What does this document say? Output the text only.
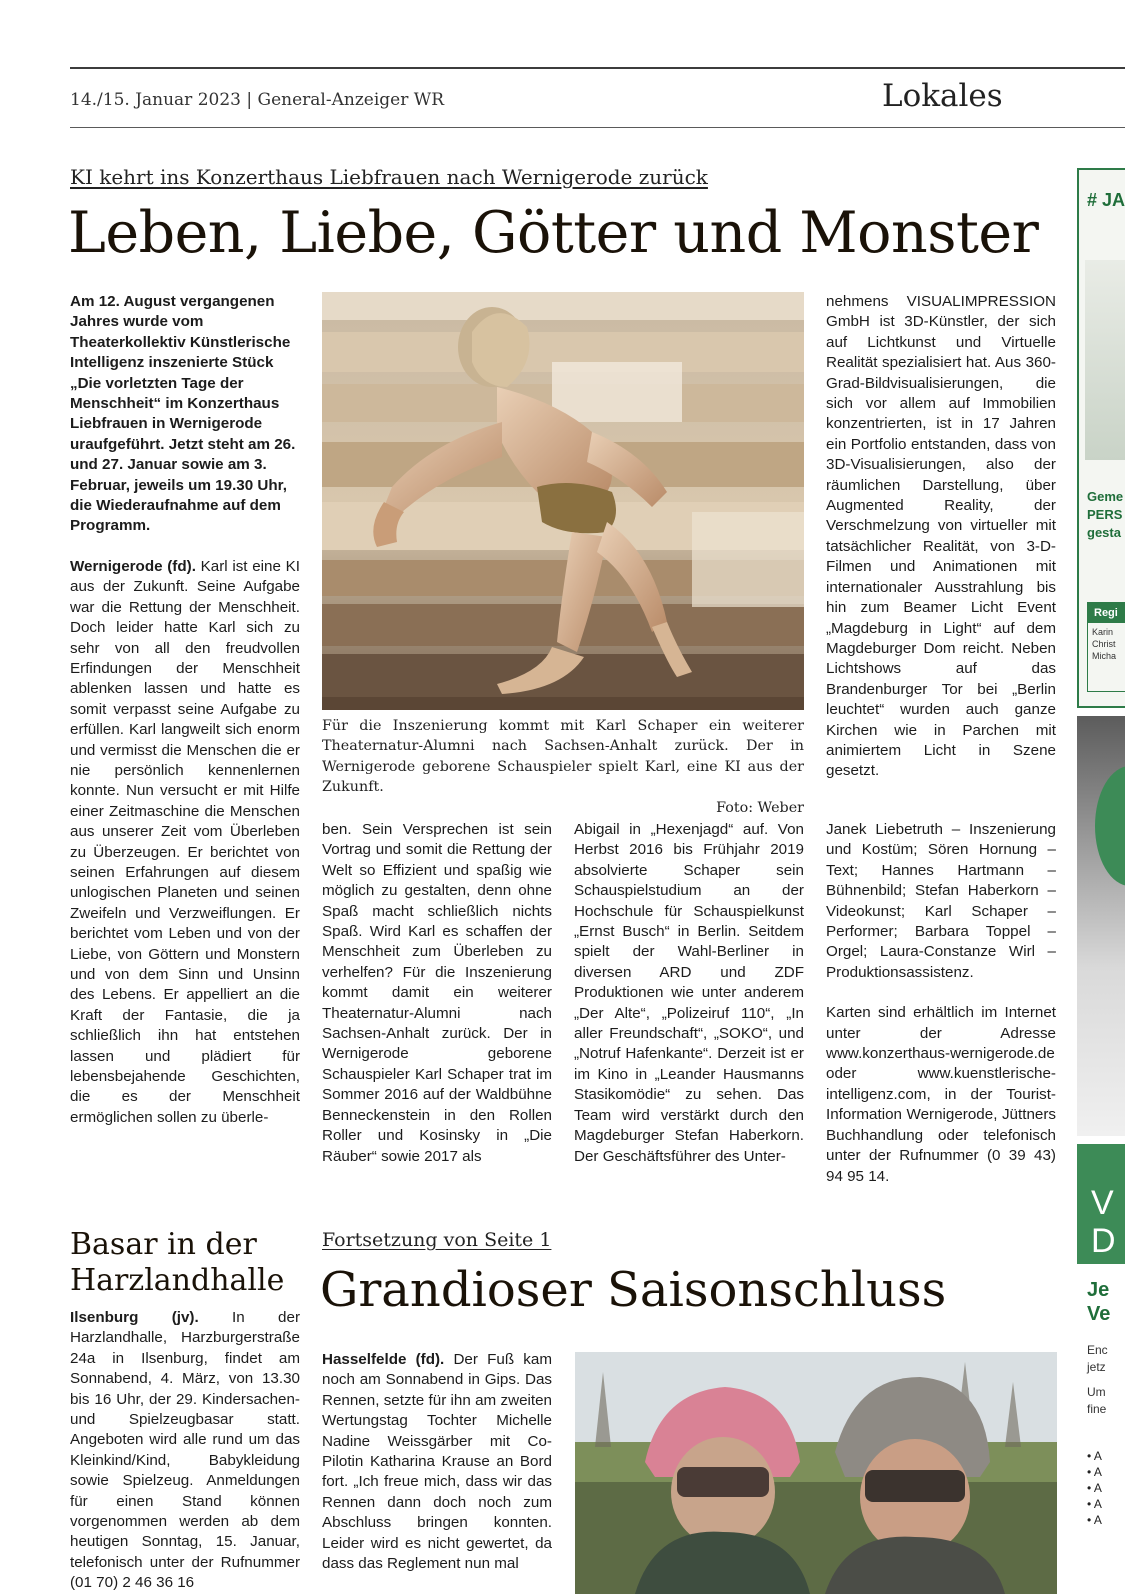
14./15. Januar 2023 | General-Anzeiger WR	Lokales
KI kehrt ins Konzerthaus Liebfrauen nach Wernigerode zurück
Leben, Liebe, Götter und Monster

Am 12. August vergangenen Jahres wurde vom Theaterkollektiv Künstlerische Intelligenz inszenierte Stück „Die vorletzten Tage der Menschheit“ im Konzerthaus Liebfrauen in Wernigerode uraufgeführt. Jetzt steht am 26. und 27. Januar sowie am 3. Februar, jeweils um 19.30 Uhr, die Wiederaufnahme auf dem Programm.

Wernigerode (fd). Karl ist eine KI aus der Zukunft. Seine Aufgabe war die Rettung der Menschheit. Doch leider hatte Karl sich zu sehr von all den freudvollen Erfindungen der Menschheit ablenken lassen und hatte es somit verpasst seine Aufgabe zu erfüllen. Karl langweilt sich enorm und vermisst die Menschen die er nie persönlich kennenlernen konnte. Nun versucht er mit Hilfe einer Zeitmaschine die Menschen aus unserer Zeit vom Überleben zu Überzeugen. Er berichtet von seinen Erfahrungen auf diesem unlogischen Planeten und seinen Zweifeln und Verzweiflungen. Er berichtet vom Leben und von der Liebe, von Göttern und Monstern und von dem Sinn und Unsinn des Lebens. Er appelliert an die Kraft der Fantasie, die ja schließlich ihn hat entstehen lassen und plädiert für lebensbejahende Geschichten, die es der Menschheit ermöglichen sollen zu überle-

Für die Inszenierung kommt mit Karl Schaper ein weiterer Theaternatur-Alumni nach Sachsen-Anhalt zurück. Der in Wernigerode geborene Schauspieler spielt Karl, eine KI aus der Zukunft.
Foto: Weber

ben. Sein Versprechen ist sein Vortrag und somit die Rettung der Welt so Effizient und spaßig wie möglich zu gestalten, denn ohne Spaß macht schließlich nichts Spaß. Wird Karl es schaffen der Menschheit zum Überleben zu verhelfen? Für die Inszenierung kommt damit ein weiterer Theaternatur-Alumni nach Sachsen-Anhalt zurück. Der in Wernigerode geborene Schauspieler Karl Schaper trat im Sommer 2016 auf der Waldbühne Benneckenstein in den Rollen Roller und Kosinsky in „Die Räuber“ sowie 2017 als

Abigail in „Hexenjagd“ auf. Von Herbst 2016 bis Frühjahr 2019 absolvierte Schaper sein Schauspielstudium an der Hochschule für Schauspielkunst „Ernst Busch“ in Berlin. Seitdem spielt der Wahl-Berliner in diversen ARD und ZDF Produktionen wie unter anderem „Der Alte“, „Polizeiruf 110“, „In aller Freundschaft“, „SOKO“, und „Notruf Hafenkante“. Derzeit ist er im Kino in „Leander Hausmanns Stasikomödie“ zu sehen. Das Team wird verstärkt durch den Magdeburger Stefan Haberkorn. Der Geschäftsführer des Unter-

nehmens VISUALIMPRESSION GmbH ist 3D-Künstler, der sich auf Lichtkunst und Virtuelle Realität spezialisiert hat. Aus 360-Grad-Bildvisualisierungen, die sich vor allem auf Immobilien konzentrierten, ist in 17 Jahren ein Portfolio entstanden, dass von 3D-Visualisierungen, also der räumlichen Darstellung, über Augmented Reality, der Verschmelzung von virtueller mit tatsächlicher Realität, von 3-D-Filmen und Animationen mit internationaler Ausstrahlung bis hin zum Beamer Licht Event „Magdeburg in Light“ auf dem Magdeburger Dom reicht. Neben Lichtshows auf das Brandenburger Tor bei „Berlin leuchtet“ wurden auch ganze Kirchen wie in Parchen mit animiertem Licht in Szene gesetzt.

Janek Liebetruth – Inszenierung und Kostüm; Sören Hornung – Text; Hannes Hartmann – Bühnenbild; Stefan Haberkorn – Videokunst; Karl Schaper – Performer; Barbara Toppel – Orgel; Laura-Constanze Wirl – Produktionsassistenz.

Karten sind erhältlich im Internet unter der Adresse www.konzerthaus-wernigerode.de oder www.kuenstlerische-intelligenz.com, in der Tourist-Information Wernigerode, Jüttners Buchhandlung oder telefonisch unter der Rufnummer (0 39 43) 94 95 14.

Basar in der Harzlandhalle

Ilsenburg (jv). In der Harzlandhalle, Harzburgerstraße 24a in Ilsenburg, findet am Sonnabend, 4. März, von 13.30 bis 16 Uhr, der 29. Kindersachen- und Spielzeugbasar statt. Angeboten wird alle rund um das Kleinkind/Kind, Babykleidung sowie Spielzeug. Anmeldungen für einen Stand können vorgenommen werden ab dem heutigen Sonntag, 15. Januar, telefonisch unter der Rufnummer (01 70) 2 46 36 16

Fortsetzung von Seite 1
Grandioser Saisonschluss

Hasselfelde (fd). Der Fuß kam noch am Sonnabend in Gips. Das Rennen, setzte für ihn am zweiten Wertungstag Tochter Michelle Nadine Weissgärber mit Co-Pilotin Katharina Krause an Bord fort. „Ich freue mich, dass wir das Rennen dann doch noch zum Abschluss bringen konnten. Leider wird es nicht gewertet, da dass das Reglement nun mal

# JA
Geme
PERS
gesta
Regi
Karin
Christ
Micha
V
D
Je
Ve
Enc
jetz
Um
fine
• A
• A
• A
• A
• A
